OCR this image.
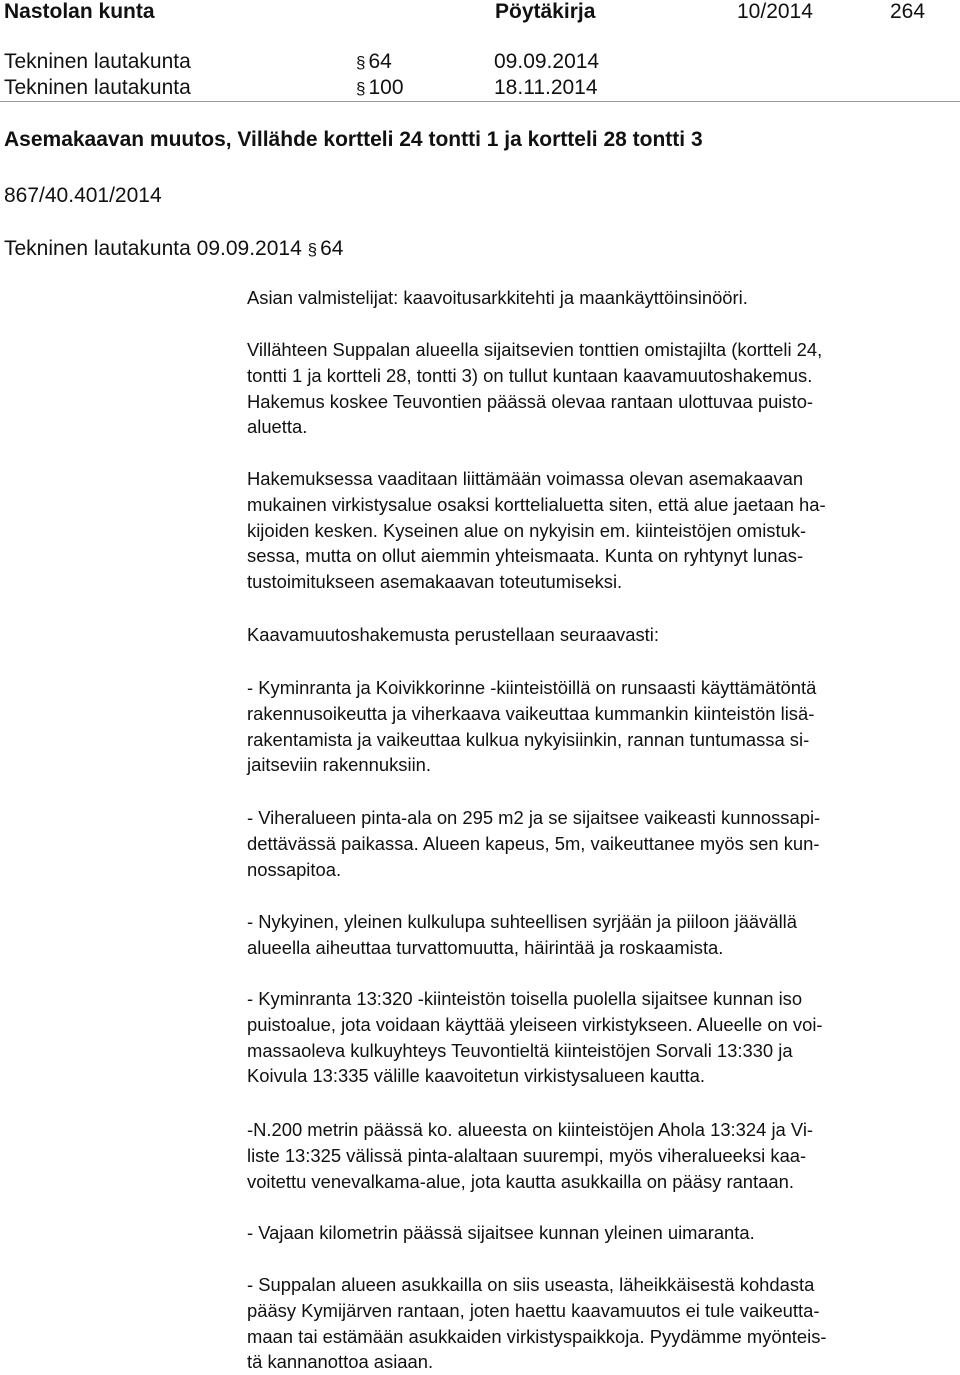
Nastolan kunta	Pöytäkirja	10/2014	264
Tekninen lautakunta	§ 64	09.09.2014
Tekninen lautakunta	§ 100	18.11.2014
Asemakaavan muutos, Villähde kortteli 24 tontti 1 ja kortteli 28 tontti 3
867/40.401/2014
Tekninen lautakunta 09.09.2014 § 64

Asian valmistelijat: kaavoitusarkkitehti ja maankäyttöinsinööri.

Villähteen Suppalan alueella sijaitsevien tonttien omistajilta (kortteli 24,

tontti 1 ja kortteli 28, tontti 3) on tullut kuntaan kaavamuutoshakemus.

Hakemus koskee Teuvontien päässä olevaa rantaan ulottuvaa puisto-

aluetta.

Hakemuksessa vaaditaan liittämään voimassa olevan asemakaavan

mukainen virkistysalue osaksi korttelialuetta siten, että alue jaetaan ha-

kijoiden kesken. Kyseinen alue on nykyisin em. kiinteistöjen omistuk-

sessa, mutta on ollut aiemmin yhteismaata. Kunta on ryhtynyt lunas-

tustoimitukseen asemakaavan toteutumiseksi.

Kaavamuutoshakemusta perustellaan seuraavasti:

- Kyminranta ja Koivikkorinne -kiinteistöillä on runsaasti käyttämätöntä

rakennusoikeutta ja viherkaava vaikeuttaa kummankin kiinteistön lisä-

rakentamista ja vaikeuttaa kulkua nykyisiinkin, rannan tuntumassa si-

jaitseviin rakennuksiin.

- Viheralueen pinta-ala on 295 m2 ja se sijaitsee vaikeasti kunnossapi-

dettävässä paikassa. Alueen kapeus, 5m, vaikeuttanee myös sen kun-

nossapitoa.

- Nykyinen, yleinen kulkulupa suhteellisen syrjään ja piiloon jäävällä

alueella aiheuttaa turvattomuutta, häirintää ja roskaamista.

- Kyminranta 13:320 -kiinteistön toisella puolella sijaitsee kunnan iso

puistoalue, jota voidaan käyttää yleiseen virkistykseen. Alueelle on voi-

massaoleva kulkuyhteys Teuvontieltä kiinteistöjen Sorvali 13:330 ja

Koivula 13:335 välille kaavoitetun virkistysalueen kautta.

-N.200 metrin päässä ko. alueesta on kiinteistöjen Ahola 13:324 ja Vi-

liste 13:325 välissä pinta-alaltaan suurempi, myös viheralueeksi kaa-

voitettu venevalkama-alue, jota kautta asukkailla on pääsy rantaan.

- Vajaan kilometrin päässä sijaitsee kunnan yleinen uimaranta.

- Suppalan alueen asukkailla on siis useasta, läheikkäisestä kohdasta

pääsy Kymijärven rantaan, joten haettu kaavamuutos ei tule vaikeutta-

maan tai estämään asukkaiden virkistyspaikkoja. Pyydämme myönteis-

tä kannanottoa asiaan.
